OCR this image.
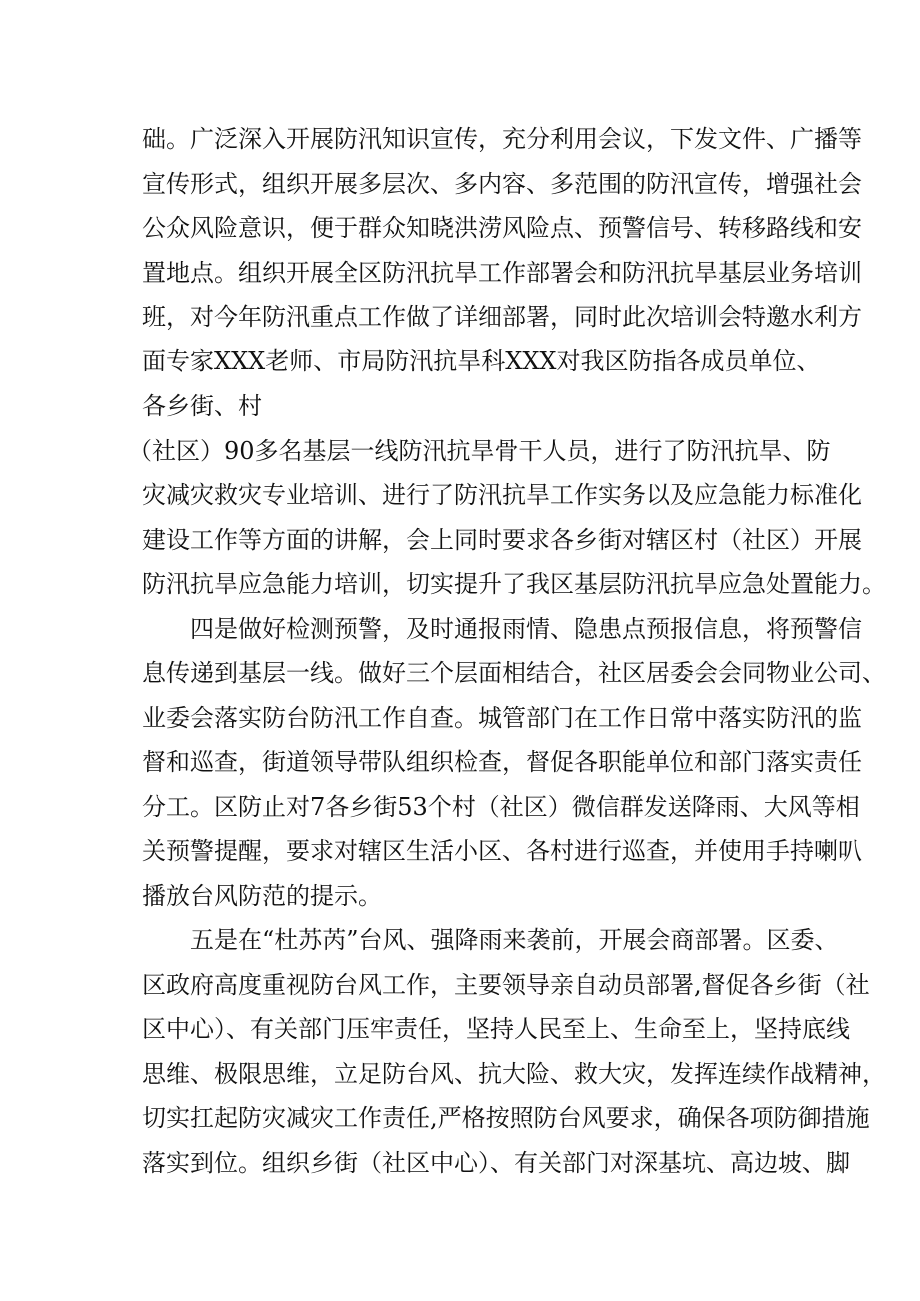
础。广泛深入开展防汛知识宣传，充分利用会议，下发文件、广播等
宣传形式，组织开展多层次、多内容、多范围的防汛宣传，增强社会
公众风险意识，便于群众知晓洪涝风险点、预警信号、转移路线和安
置地点。组织开展全区防汛抗旱工作部署会和防汛抗旱基层业务培训
班，对今年防汛重点工作做了详细部署，同时此次培训会特邀水利方
面专家XXX老师、市局防汛抗旱科XXX对我区防指各成员单位、
各乡街、村
（社区）90多名基层一线防汛抗旱骨干人员，进行了防汛抗旱、防
灾减灾救灾专业培训、进行了防汛抗旱工作实务以及应急能力标准化
建设工作等方面的讲解，会上同时要求各乡街对辖区村（社区）开展
防汛抗旱应急能力培训，切实提升了我区基层防汛抗旱应急处置能力。
四是做好检测预警，及时通报雨情、隐患点预报信息，将预警信
息传递到基层一线。做好三个层面相结合，社区居委会会同物业公司、
业委会落实防台防汛工作自查。城管部门在工作日常中落实防汛的监
督和巡查，街道领导带队组织检查，督促各职能单位和部门落实责任
分工。区防止对7各乡街53个村（社区）微信群发送降雨、大风等相
关预警提醒，要求对辖区生活小区、各村进行巡查，并使用手持喇叭
播放台风防范的提示。
五是在“杜苏芮”台风、强降雨来袭前，开展会商部署。区委、
区政府高度重视防台风工作，主要领导亲自动员部署,督促各乡街（社
区中心）、有关部门压牢责任，坚持人民至上、生命至上，坚持底线
思维、极限思维，立足防台风、抗大险、救大灾，发挥连续作战精神，
切实扛起防灾减灾工作责任,严格按照防台风要求，确保各项防御措施
落实到位。组织乡街（社区中心）、有关部门对深基坑、高边坡、脚
